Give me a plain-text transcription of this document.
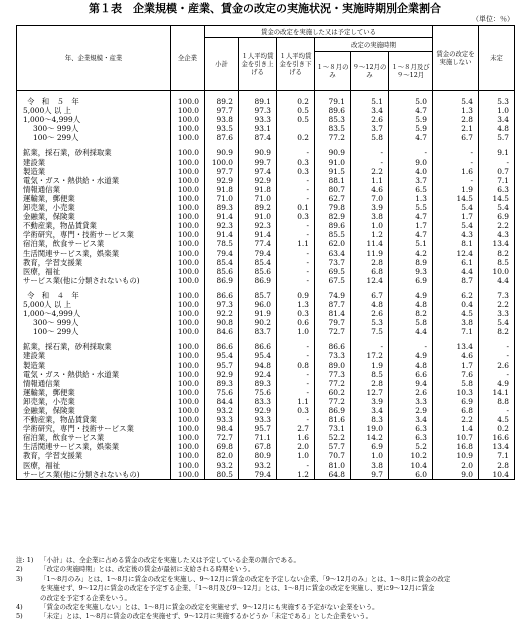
第１表　企業規模・産業、賃金の改定の実施状況・実施時期別企業割合
（単位：％）
年、企業規模・産業	全企業	賃金の改定を実施した又は予定している						賃金の改定を実施しない	未定
		小計	１人平均賃金を引き上げる	１人平均賃金を引き下げる	改定の実施時期				
					１～８月のみ	９～12月のみ	１～８月及び９～12月		

令　和　５　年	100.0	89.2	89.1	0.2	79.1	5.1	5.0	5.4	5.3
5,000人 以 上	100.0	97.7	97.3	0.5	89.6	3.4	4.7	1.3	1.0
1,000～4,999人	100.0	93.8	93.3	0.5	85.3	2.6	5.9	2.8	3.4
300～ 999人	100.0	93.5	93.1		83.5	3.7	5.9	2.1	4.8
100～ 299人	100.0	87.6	87.4	0.2	77.2	5.8	4.7	6.7	5.7

鉱業，採石業，砂利採取業	100.0	90.9	90.9	-	90.9	-	-	-	9.1
建設業	100.0	100.0	99.7	0.3	91.0	-	9.0	-	-
製造業	100.0	97.7	97.4	0.3	91.5	2.2	4.0	1.6	0.7
電気・ガス・熱供給・水道業	100.0	92.9	92.9	-	88.1	1.1	3.7	-	7.1
情報通信業	100.0	91.8	91.8	-	80.7	4.6	6.5	1.9	6.3
運輸業，郵便業	100.0	71.0	71.0	-	62.7	7.0	1.3	14.5	14.5
卸売業，小売業	100.0	89.3	89.2	0.1	79.8	3.9	5.5	5.4	5.4
金融業，保険業	100.0	91.4	91.0	0.3	82.9	3.8	4.7	1.7	6.9
不動産業，物品賃貸業	100.0	92.3	92.3	-	89.6	1.0	1.7	5.4	2.2
学術研究，専門・技術サービス業	100.0	91.4	91.4	-	85.5	1.2	4.7	4.3	4.3
宿泊業，飲食サービス業	100.0	78.5	77.4	1.1	62.0	11.4	5.1	8.1	13.4
生活関連サービス業，娯楽業	100.0	79.4	79.4	-	63.4	11.9	4.2	12.4	8.2
教育，学習支援業	100.0	85.4	85.4	-	73.7	2.8	8.9	6.1	8.5
医療，福祉	100.0	85.6	85.6	-	69.5	6.8	9.3	4.4	10.0
サービス業(他に分類されないもの)	100.0	86.9	86.9	-	67.5	12.4	6.9	8.7	4.4

令　和　４　年	100.0	86.6	85.7	0.9	74.9	6.7	4.9	6.2	7.3
5,000人 以 上	100.0	97.3	96.0	1.3	87.7	4.8	4.8	0.4	2.2
1,000～4,999人	100.0	92.2	91.9	0.3	81.4	2.6	8.2	4.5	3.3
300～ 999人	100.0	90.8	90.2	0.6	79.7	5.3	5.8	3.8	5.4
100～ 299人	100.0	84.6	83.7	1.0	72.7	7.5	4.4	7.1	8.2

鉱業，採石業，砂利採取業	100.0	86.6	86.6	-	86.6	-	-	13.4	-
建設業	100.0	95.4	95.4	-	73.3	17.2	4.9	4.6	-
製造業	100.0	95.7	94.8	0.8	89.0	1.9	4.8	1.7	2.6
電気・ガス・熱供給・水道業	100.0	92.9	92.4	-	77.3	8.5	6.6	7.6	-
情報通信業	100.0	89.3	89.3	-	77.2	2.8	9.4	5.8	4.9
運輸業，郵便業	100.0	75.6	75.6	-	60.2	12.7	2.6	10.3	14.1
卸売業，小売業	100.0	84.4	83.3	1.1	77.2	3.9	3.3	6.9	8.8
金融業，保険業	100.0	93.2	92.9	0.3	86.9	3.4	2.9	6.8	-
不動産業，物品賃貸業	100.0	93.3	93.3	-	81.6	8.3	3.4	2.2	4.5
学術研究，専門・技術サービス業	100.0	98.4	95.7	2.7	73.1	19.0	6.3	1.4	0.2
宿泊業，飲食サービス業	100.0	72.7	71.1	1.6	52.2	14.2	6.3	10.7	16.6
生活関連サービス業，娯楽業	100.0	69.8	67.8	2.0	57.7	6.9	5.2	16.8	13.4
教育，学習支援業	100.0	82.0	80.9	1.0	70.7	1.0	10.2	10.9	7.1
医療，福祉	100.0	93.2	93.2	-	81.0	3.8	10.4	2.0	2.8
サービス業(他に分類されないもの)	100.0	80.5	79.4	1.2	64.8	9.7	6.0	9.0	10.4
注: 1)	「小計」は、全企業に占める賃金の改定を実施した又は予定している企業の割合である。
2)	「改定の実施時期」とは、改定後の賃金が最初に支給される時期をいう。
3)	「1～8月のみ」とは、1～8月に賃金の改定を実施し、9～12月に賃金の改定を予定しない企業、「9～12月のみ」とは、1～8月に賃金の改定
を実施せず、9～12月に賃金の改定を予定する企業、「1～8月及び9～12月」とは、1～8月に賃金の改定を実施し、更に9～12月に賃金
の改定を予定する企業をいう。
4)	「賃金の改定を実施しない」とは、1～8月に賃金の改定を実施せず、9～12月にも実施する予定がない企業をいう。
5)	「未定」とは、1～8月に賃金の改定を実施せず、9～12月に実施するかどうか「未定である」とした企業をいう。
